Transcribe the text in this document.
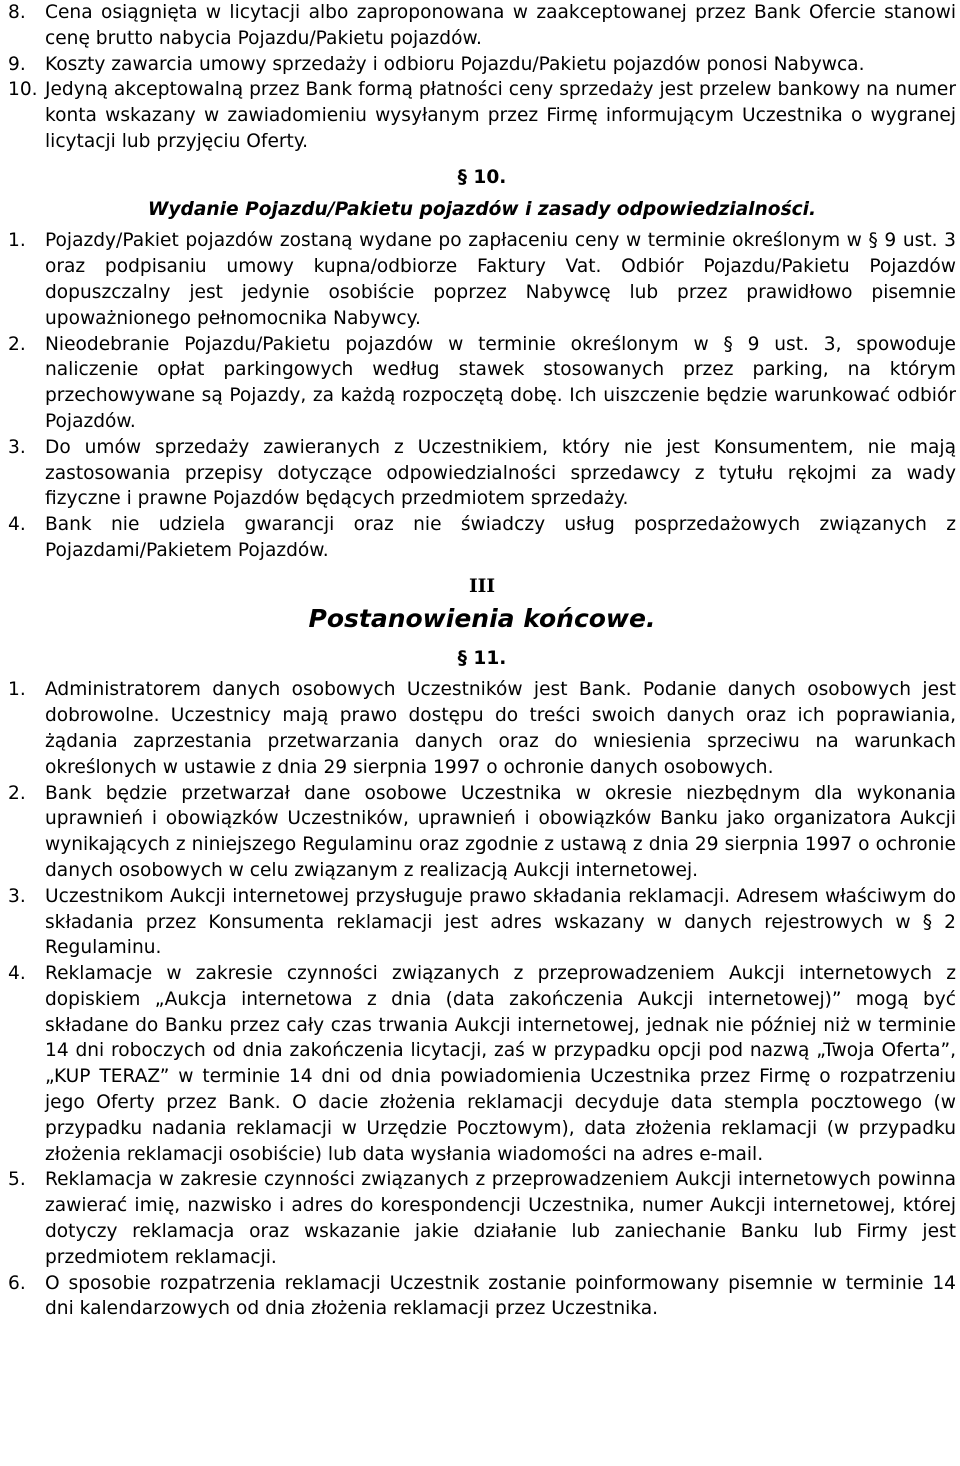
8.	Cena osiągnięta w licytacji albo zaproponowana w zaakceptowanej przez Bank Ofercie stanowi cenę brutto nabycia Pojazdu/Pakietu pojazdów.
9.	Koszty zawarcia umowy sprzedaży i odbioru Pojazdu/Pakietu pojazdów ponosi Nabywca.
10. Jedyną akceptowalną przez Bank formą płatności ceny sprzedaży jest przelew bankowy na numer konta wskazany w zawiadomieniu wysyłanym przez Firmę informującym Uczestnika o wygranej licytacji lub przyjęciu Oferty.
§ 10.
Wydanie Pojazdu/Pakietu pojazdów i zasady odpowiedzialności.
1.	Pojazdy/Pakiet pojazdów zostaną wydane po zapłaceniu ceny w terminie określonym w § 9 ust. 3 oraz podpisaniu umowy kupna/odbiorze Faktury Vat. Odbiór Pojazdu/Pakietu Pojazdów dopuszczalny jest jedynie osobiście poprzez Nabywcę lub przez prawidłowo pisemnie upoważnionego pełnomocnika Nabywcy.
2.	Nieodebranie Pojazdu/Pakietu pojazdów w terminie określonym w § 9 ust. 3, spowoduje naliczenie opłat parkingowych według stawek stosowanych przez parking, na którym przechowywane są Pojazdy, za każdą rozpoczętą dobę. Ich uiszczenie będzie warunkować odbiór Pojazdów.
3.	Do umów sprzedaży zawieranych z Uczestnikiem, który nie jest Konsumentem, nie mają zastosowania przepisy dotyczące odpowiedzialności sprzedawcy z tytułu rękojmi za wady fizyczne i prawne Pojazdów będących przedmiotem sprzedaży.
4.	Bank nie udziela gwarancji oraz nie świadczy usług posprzedażowych związanych z Pojazdami/Pakietem Pojazdów.
III
Postanowienia końcowe.
§ 11.
1.	Administratorem danych osobowych Uczestników jest Bank. Podanie danych osobowych jest dobrowolne. Uczestnicy mają prawo dostępu do treści swoich danych oraz ich poprawiania, żądania zaprzestania przetwarzania danych oraz do wniesienia sprzeciwu na warunkach określonych w ustawie z dnia 29 sierpnia 1997 o ochronie danych osobowych.
2.	Bank będzie przetwarzał dane osobowe Uczestnika w okresie niezbędnym dla wykonania uprawnień i obowiązków Uczestników, uprawnień i obowiązków Banku jako organizatora Aukcji wynikających z niniejszego Regulaminu oraz zgodnie z ustawą z dnia 29 sierpnia 1997 o ochronie danych osobowych w celu związanym z realizacją Aukcji internetowej.
3.	Uczestnikom Aukcji internetowej przysługuje prawo składania reklamacji. Adresem właściwym do składania przez Konsumenta reklamacji jest adres wskazany w danych rejestrowych w § 2 Regulaminu.
4.	Reklamacje w zakresie czynności związanych z przeprowadzeniem Aukcji internetowych z dopiskiem „Aukcja internetowa z dnia (data zakończenia Aukcji internetowej)” mogą być składane do Banku przez cały czas trwania Aukcji internetowej, jednak nie później niż w terminie 14 dni roboczych od dnia zakończenia licytacji, zaś w przypadku opcji pod nazwą „Twoja Oferta”,„KUP TERAZ” w terminie 14 dni od dnia powiadomienia Uczestnika przez Firmę o rozpatrzeniu jego Oferty przez Bank. O dacie złożenia reklamacji decyduje data stempla pocztowego (w przypadku nadania reklamacji w Urzędzie Pocztowym), data złożenia reklamacji (w przypadku złożenia reklamacji osobiście) lub data wysłania wiadomości na adres e-mail.
5.	Reklamacja w zakresie czynności związanych z przeprowadzeniem Aukcji internetowych powinna zawierać imię, nazwisko i adres do korespondencji Uczestnika, numer Aukcji internetowej, której dotyczy reklamacja oraz wskazanie jakie działanie lub zaniechanie Banku lub Firmy jest przedmiotem reklamacji.
6.	O sposobie rozpatrzenia reklamacji Uczestnik zostanie poinformowany pisemnie w terminie 14 dni kalendarzowych od dnia złożenia reklamacji przez Uczestnika.
